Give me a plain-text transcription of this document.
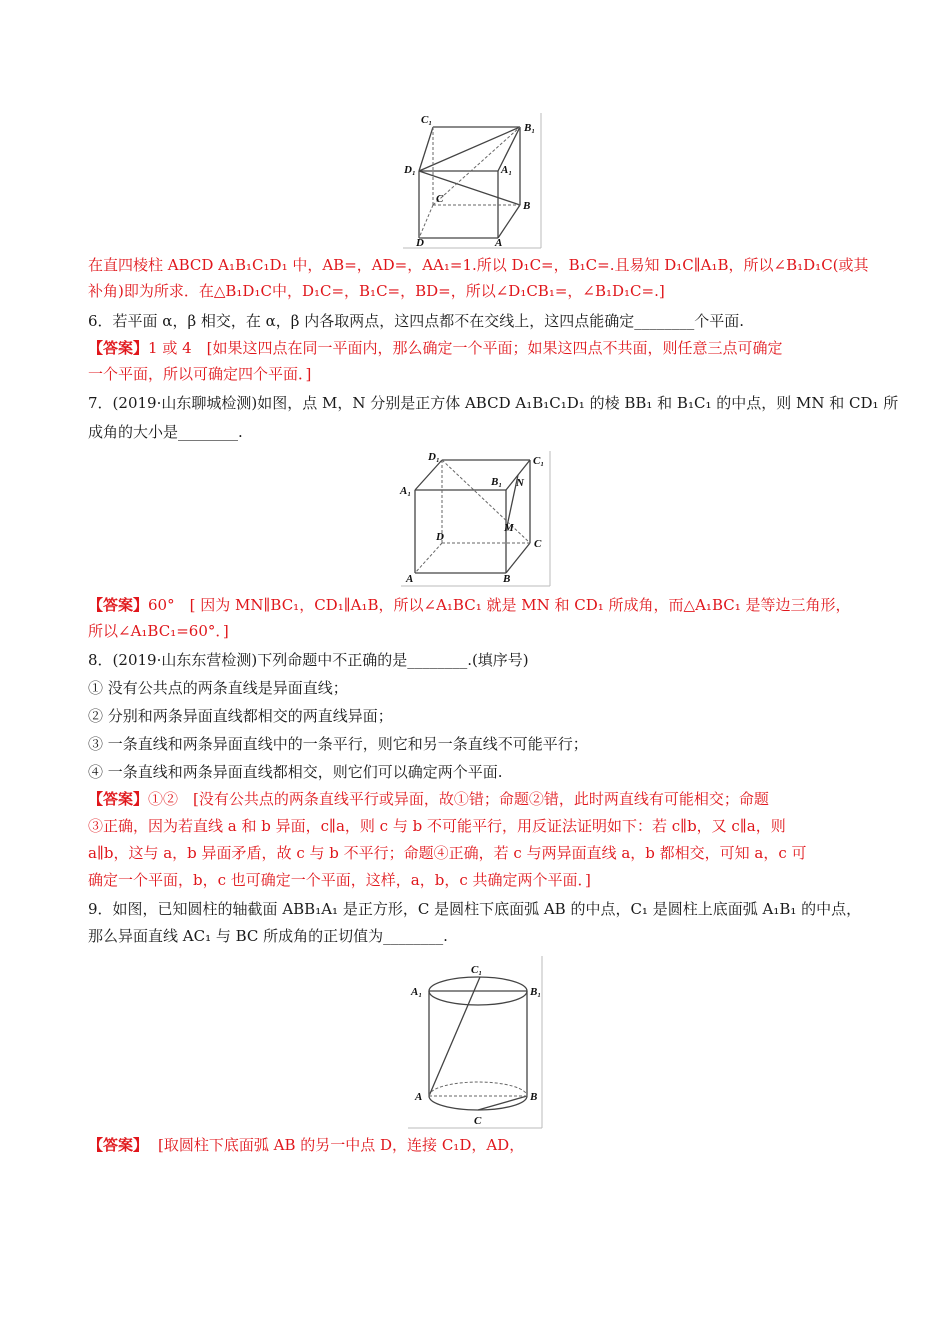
C₁
B₁
D₁	A₁
C
B
D	A
在直四棱柱 ABCD A₁B₁C₁D₁ 中，AB=，AD=，AA₁=1.所以 D₁C=，B₁C=.且易知 D₁C∥A₁B，所以∠B₁D₁C(或其
补角)即为所求．在△B₁D₁C中，D₁C=，B₁C=，BD=，所以∠D₁CB₁=，∠B₁D₁C=.]
6．若平面 α，β 相交，在 α，β 内各取两点，这四点都不在交线上，这四点能确定________个平面.
【答案】1 或 4　[如果这四点在同一平面内，那么确定一个平面；如果这四点不共面，则任意三点可确定
一个平面，所以可确定四个平面．]
7．(2019·山东聊城检测)如图，点 M，N 分别是正方体 ABCD A₁B₁C₁D₁ 的棱 BB₁ 和 B₁C₁ 的中点，则 MN 和 CD₁ 所
成角的大小是________.
D₁	C₁
A₁
B₁ N
M
D
C
A	B
【答案】60°　[ 因为 MN∥BC₁，CD₁∥A₁B，所以∠A₁BC₁ 就是 MN 和 CD₁ 所成角，而△A₁BC₁ 是等边三角形，
所以∠A₁BC₁=60°．]
8．(2019·山东东营检测)下列命题中不正确的是________.(填序号)
① 没有公共点的两条直线是异面直线；
② 分别和两条异面直线都相交的两直线异面；
③ 一条直线和两条异面直线中的一条平行，则它和另一条直线不可能平行；
④ 一条直线和两条异面直线都相交，则它们可以确定两个平面.
【答案】①②　[没有公共点的两条直线平行或异面，故①错；命题②错，此时两直线有可能相交；命题
③正确，因为若直线 a 和 b 异面，c∥a，则 c 与 b 不可能平行，用反证法证明如下：若 c∥b，又 c∥a，则
a∥b，这与 a，b 异面矛盾，故 c 与 b 不平行；命题④正确，若 c 与两异面直线 a，b 都相交，可知 a，c 可
确定一个平面，b，c 也可确定一个平面，这样，a，b，c 共确定两个平面．]
9．如图，已知圆柱的轴截面 ABB₁A₁ 是正方形，C 是圆柱下底面弧 AB 的中点，C₁ 是圆柱上底面弧 A₁B₁ 的中点，
那么异面直线 AC₁ 与 BC 所成角的正切值为________.
C₁
A₁	B₁
A	B
C
【答案】 [取圆柱下底面弧 AB 的另一中点 D，连接 C₁D，AD，
